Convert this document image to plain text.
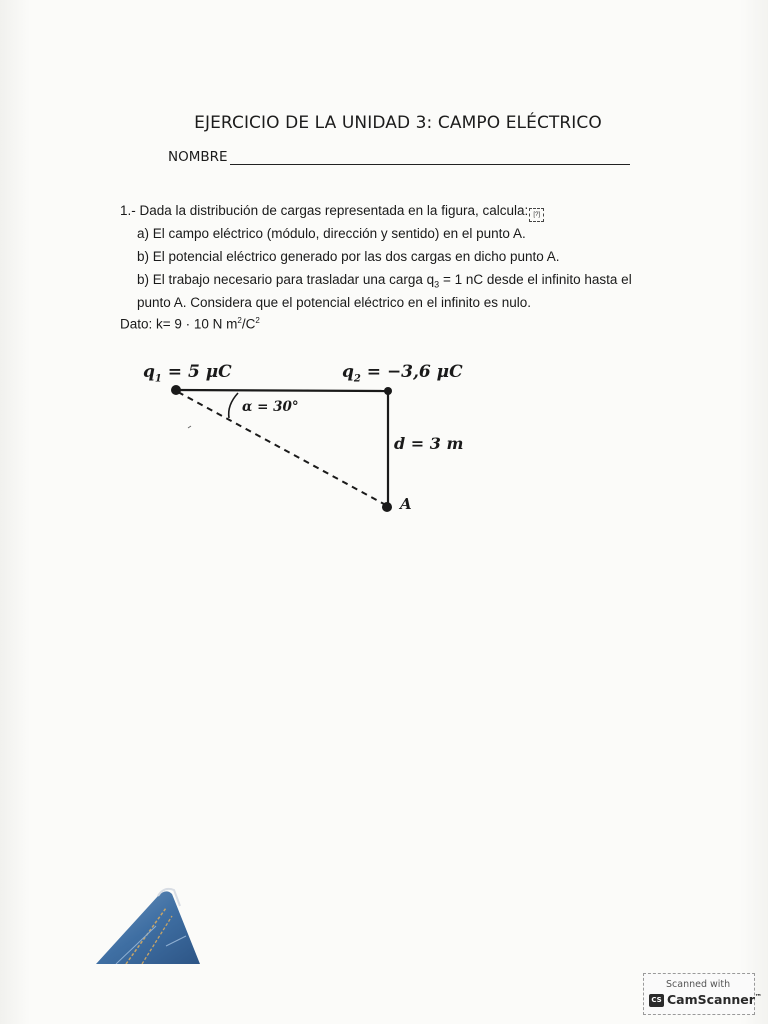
EJERCICIO DE LA UNIDAD 3: CAMPO ELÉCTRICO
NOMBRE
1.- Dada la distribución de cargas representada en la figura, calcula: [?]
a) El campo eléctrico (módulo, dirección y sentido) en el punto A.
b) El potencial eléctrico generado por las dos cargas en dicho punto A.
b) El trabajo necesario para trasladar una carga $q_3 = 1$ nC desde el infinito hasta el
punto A. Considera que el potencial eléctrico en el infinito es nulo.
Dato: k= 9 · 10 N $m^2/C^2$
$q_1 = 5$ μC	$q_2 = -3,6$ μC
α = 30°
d = 3 m
A
Scanned with
CS CamScanner™
